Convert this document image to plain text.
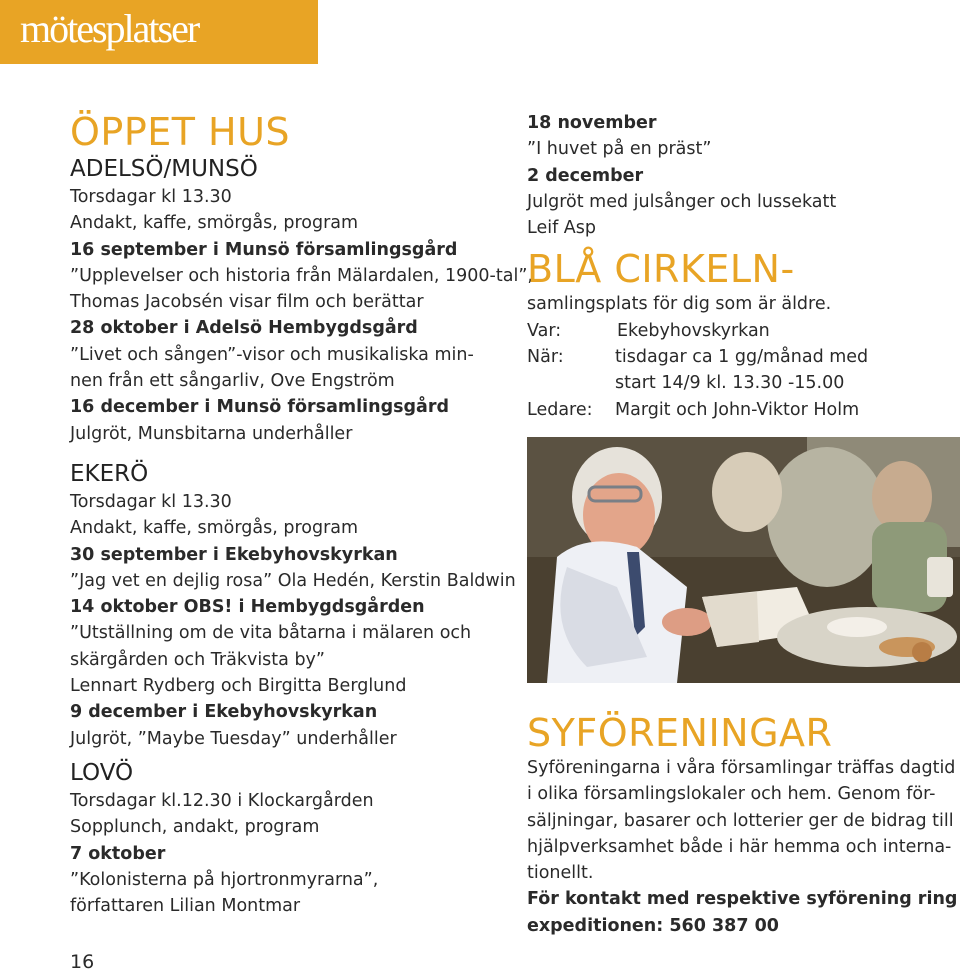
mötesplatser
ÖPPET HUS
ADELSÖ/MUNSÖ
Torsdagar kl 13.30
Andakt, kaffe, smörgås, program
16 september i Munsö församlingsgård
”Upplevelser och historia från Mälardalen, 1900-tal”,
Thomas Jacobsén visar film och berättar
28 oktober i Adelsö Hembygdsgård
”Livet och sången”-visor och musikaliska min-
nen från ett sångarliv, Ove Engström
16 december i Munsö församlingsgård
Julgröt, Munsbitarna underhåller
EKERÖ
Torsdagar kl 13.30
Andakt, kaffe, smörgås, program
30 september i Ekebyhovskyrkan
”Jag vet en dejlig rosa” Ola Hedén, Kerstin Baldwin
14 oktober OBS! i Hembygdsgården
”Utställning om de vita båtarna i mälaren och
skärgården och Träkvista by”
Lennart Rydberg och Birgitta Berglund
9 december i Ekebyhovskyrkan
Julgröt, ”Maybe Tuesday” underhåller
LOVÖ
Torsdagar kl.12.30 i Klockargården
Sopplunch, andakt, program
7 oktober
”Kolonisterna på hjortronmyrarna”,
författaren Lilian Montmar
16
18 november
”I huvet på en präst”
2 december
Julgröt med julsånger och lussekatt
Leif Asp
BLÅ CIRKELN-
samlingsplats för dig som är äldre.
Var:	Ekebyhovskyrkan
När:	tisdagar ca 1 gg/månad med
start 14/9 kl. 13.30 -15.00
Ledare:	Margit och John-Viktor Holm
SYFÖRENINGAR
Syföreningarna i våra församlingar träffas dagtid
i olika församlingslokaler och hem. Genom för-
säljningar, basarer och lotterier ger de bidrag till
hjälpverksamhet både i här hemma och interna-
tionellt.
För kontakt med respektive syförening ring
expeditionen: 560 387 00
